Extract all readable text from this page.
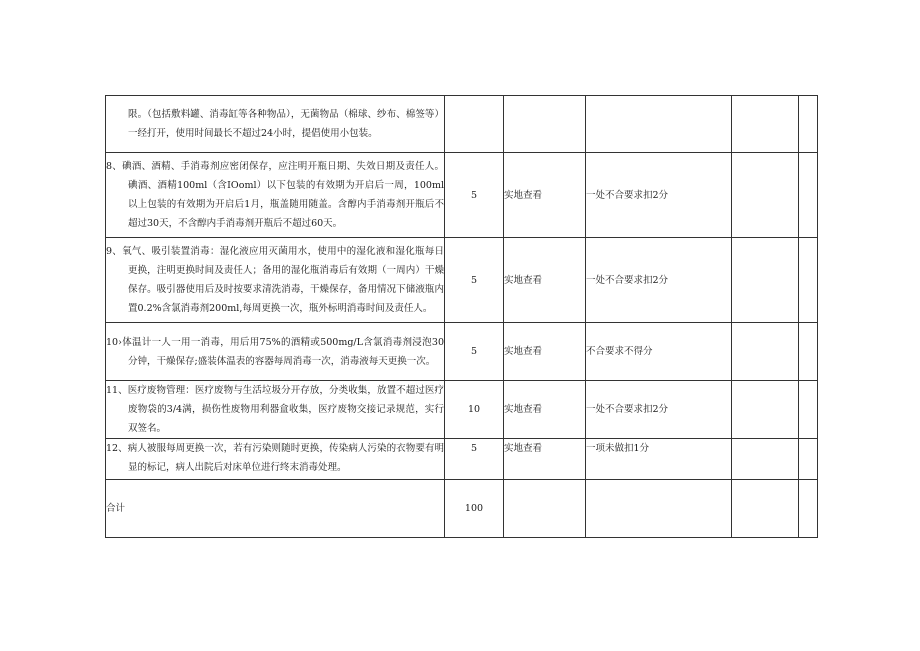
限。（包括敷料罐、消毒缸等各种物品），无菌物品（棉球、纱布、棉签等）一经打开，使用时间最长不超过24小时，提倡使用小包装。					

8、碘酒、酒精、手消毒剂应密闭保存，应注明开瓶日期、失效日期及责任人。碘酒、酒精100ml（含IOoml）以下包装的有效期为开启后一周，100ml以上包装的有效期为开启后1月，瓶盖随用随盖。含醇内手消毒剂开瓶后不超过30天，不含醇内手消毒剂开瓶后不超过60天。	5	实地查看	一处不合要求扣2分		

9、氧气、吸引装置消毒：湿化液应用灭菌用水，使用中的湿化液和湿化瓶每日更换，注明更换时间及责任人；备用的湿化瓶消毒后有效期（一周内）干燥保存。吸引器使用后及时按要求清洗消毒，干燥保存，备用情况下储液瓶内置0.2%含氯消毒剂200ml,每周更换一次，瓶外标明消毒时间及责任人。	5	实地查看	一处不合要求扣2分		

10›体温计一人一用一消毒，用后用75%的酒精或500mg/L含氯消毒剂浸泡30分钟，干燥保存;盛装体温表的容器每周消毒一次，消毒液每天更换一次。	5	实地查看	不合要求不得分		

11、医疗废物管理：医疗废物与生活垃圾分开存放，分类收集，放置不超过医疗废物袋的3/4满，损伤性废物用利器盒收集，医疗废物交接记录规范，实行双签名。	10	实地查看	一处不合要求扣2分		

12、病人被服每周更换一次，若有污染则随时更换，传染病人污染的衣物要有明显的标记，病人出院后对床单位进行终末消毒处理。	5	实地查看	一项未做扣1分		

合计	100				
